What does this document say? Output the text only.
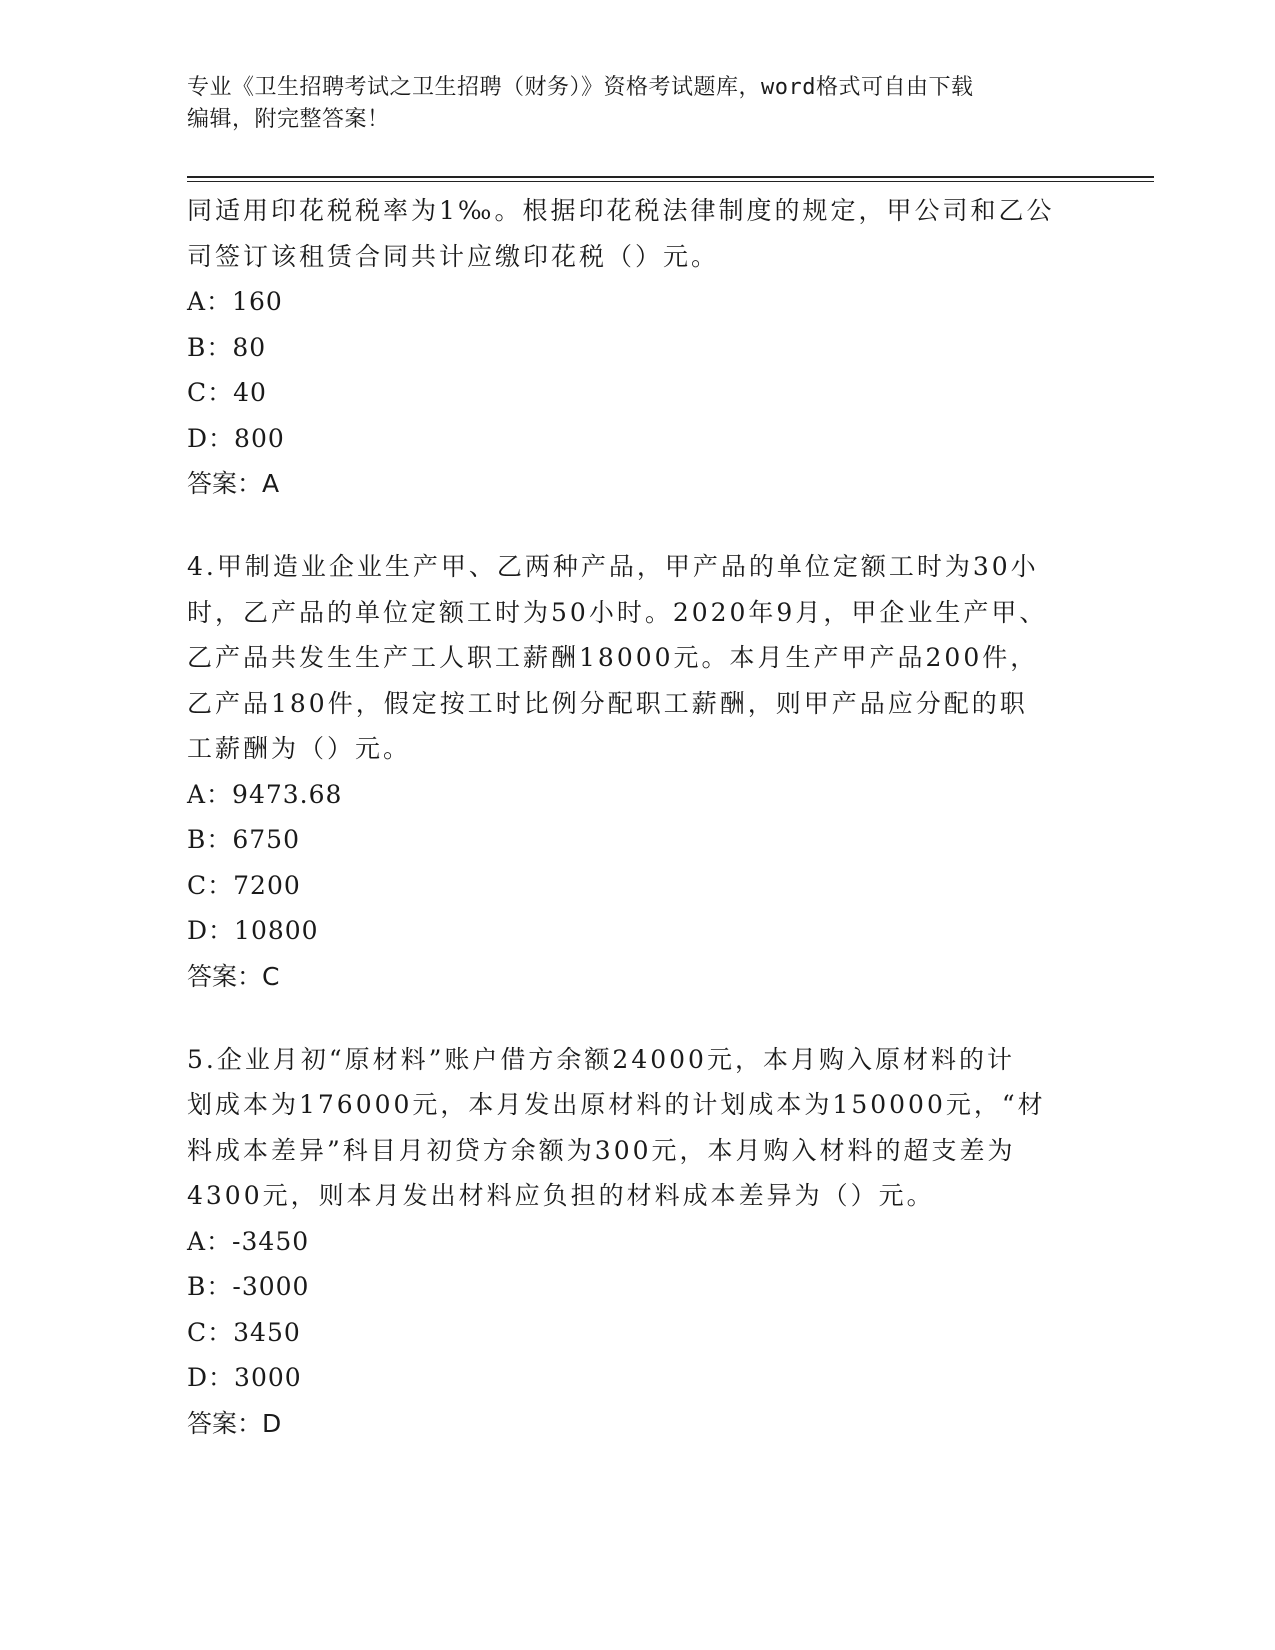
专业《卫生招聘考试之卫生招聘（财务）》资格考试题库，word格式可自由下载
编辑，附完整答案！
同适用印花税税率为1‰。根据印花税法律制度的规定，甲公司和乙公
司签订该租赁合同共计应缴印花税（）元。
A：160
B：80
C：40
D：800
答案：A
4.甲制造业企业生产甲、乙两种产品，甲产品的单位定额工时为30小
时，乙产品的单位定额工时为50小时。2020年9月，甲企业生产甲、
乙产品共发生生产工人职工薪酬18000元。本月生产甲产品200件，
乙产品180件，假定按工时比例分配职工薪酬，则甲产品应分配的职
工薪酬为（）元。
A：9473.68
B：6750
C：7200
D：10800
答案：C
5.企业月初“原材料”账户借方余额24000元，本月购入原材料的计
划成本为176000元，本月发出原材料的计划成本为150000元，“材
料成本差异”科目月初贷方余额为300元，本月购入材料的超支差为
4300元，则本月发出材料应负担的材料成本差异为（）元。
A：-3450
B：-3000
C：3450
D：3000
答案：D
